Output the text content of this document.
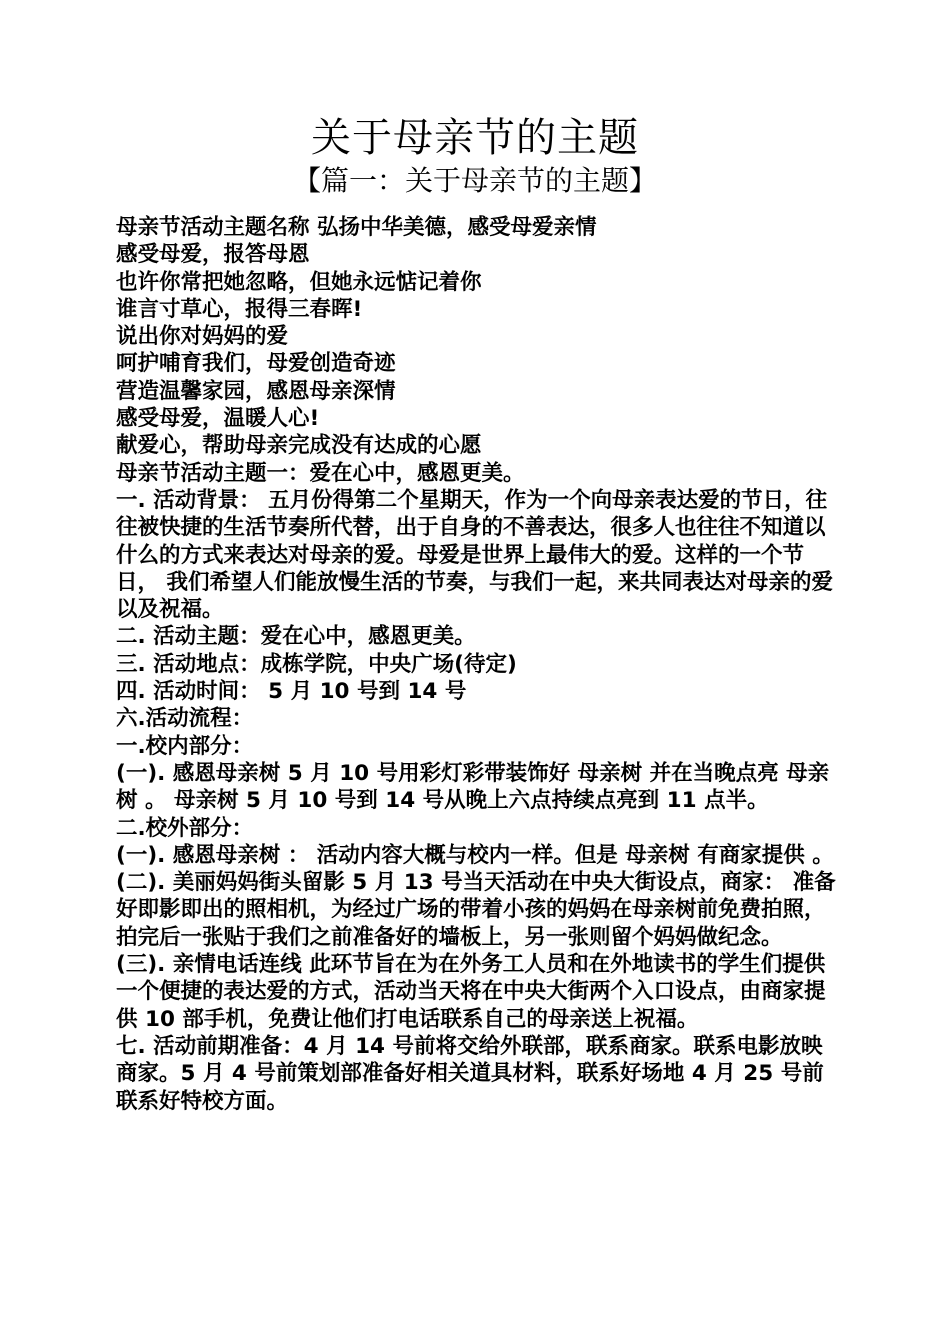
关于母亲节的主题
【篇一：关于母亲节的主题】

母亲节活动主题名称 弘扬中华美德，感受母爱亲情

感受母爱，报答母恩

也许你常把她忽略，但她永远惦记着你

谁言寸草心，报得三春晖!

说出你对妈妈的爱

呵护哺育我们，母爱创造奇迹

营造温馨家园，感恩母亲深情

感受母爱，温暖人心!

献爱心，帮助母亲完成没有达成的心愿

母亲节活动主题一：爱在心中，感恩更美。

一. 活动背景： 五月份得第二个星期天，作为一个向母亲表达爱的节日，往往被快捷的生活节奏所代替，出于自身的不善表达，很多人也往往不知道以什么的方式来表达对母亲的爱。母爱是世界上最伟大的爱。这样的一个节日， 我们希望人们能放慢生活的节奏，与我们一起，来共同表达对母亲的爱以及祝福。

二. 活动主题：爱在心中，感恩更美。

三. 活动地点：成栋学院，中央广场(待定)

四. 活动时间： 5 月 10 号到 14 号

六.活动流程：

一.校内部分：

(一). 感恩母亲树 5 月 10 号用彩灯彩带装饰好 母亲树 并在当晚点亮 母亲树 。 母亲树 5 月 10 号到 14 号从晚上六点持续点亮到 11 点半。

二.校外部分：

(一). 感恩母亲树 ： 活动内容大概与校内一样。但是 母亲树 有商家提供 。

(二). 美丽妈妈街头留影 5 月 13 号当天活动在中央大街设点，商家： 准备好即影即出的照相机，为经过广场的带着小孩的妈妈在母亲树前免费拍照， 拍完后一张贴于我们之前准备好的墙板上，另一张则留个妈妈做纪念。

(三). 亲情电话连线 此环节旨在为在外务工人员和在外地读书的学生们提供一个便捷的表达爱的方式，活动当天将在中央大街两个入口设点，由商家提供 10 部手机，免费让他们打电话联系自己的母亲送上祝福。

七. 活动前期准备：4 月 14 号前将交给外联部，联系商家。联系电影放映商家。5 月 4 号前策划部准备好相关道具材料，联系好场地 4 月 25 号前联系好特校方面。
